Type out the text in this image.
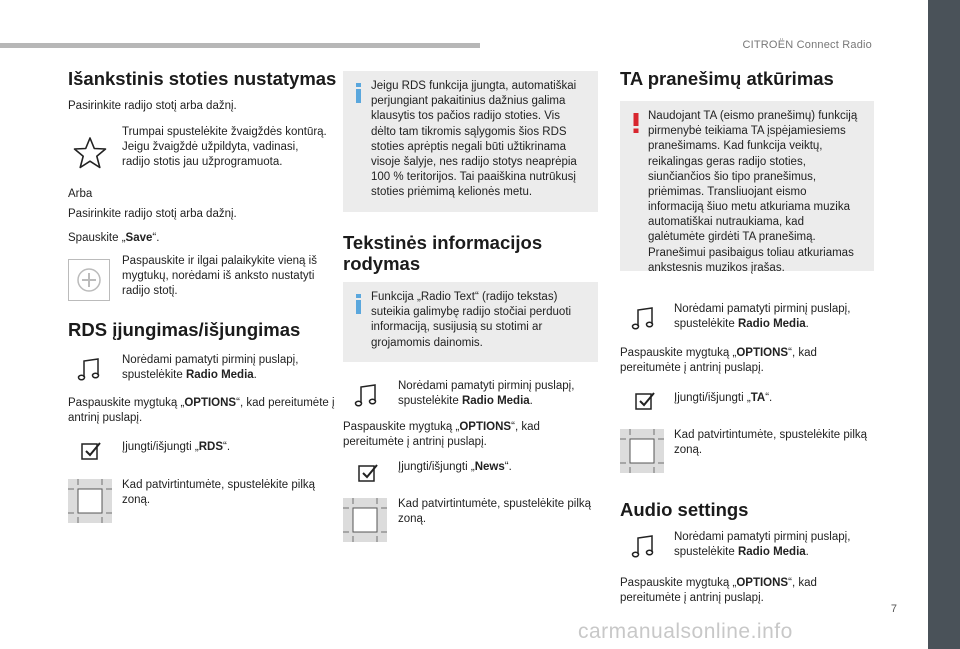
CITROËN Connect Radio
7
carmanualsonline.info
Išankstinis stoties nustatymas

Pasirinkite radijo stotį arba dažnį.

Trumpai spustelėkite žvaigždės kontūrą. Jeigu žvaigždė užpildyta, vadinasi, radijo stotis jau užprogramuota.

Arba

Pasirinkite radijo stotį arba dažnį.

Spauskite „Save“.

Paspauskite ir ilgai palaikykite vieną iš mygtukų, norėdami iš anksto nustatyti radijo stotį.

RDS įjungimas/išjungimas

Norėdami pamatyti pirminį puslapį, spustelėkite Radio Media.

Paspauskite mygtuką „OPTIONS“, kad pereitumėte į antrinį puslapį.

Įjungti/išjungti „RDS“.

Kad patvirtintumėte, spustelėkite pilką zoną.

Jeigu RDS funkcija įjungta, automatiškai perjungiant pakaitinius dažnius galima klausytis tos pačios radijo stoties. Vis dėlto tam tikromis sąlygomis šios RDS stoties aprėptis negali būti užtikrinama visoje šalyje, nes radijo stotys neaprėpia 100 % teritorijos. Tai paaiškina nutrūkusį stoties priėmimą kelionės metu.

Tekstinės informacijos rodymas

Funkcija „Radio Text“ (radijo tekstas) suteikia galimybę radijo stočiai perduoti informaciją, susijusią su stotimi ar grojamomis dainomis.

Norėdami pamatyti pirminį puslapį, spustelėkite Radio Media.

Paspauskite mygtuką „OPTIONS“, kad pereitumėte į antrinį puslapį.

Įjungti/išjungti „News“.

Kad patvirtintumėte, spustelėkite pilką zoną.

TA pranešimų atkūrimas

Naudojant TA (eismo pranešimų) funkciją pirmenybė teikiama TA įspėjamiesiems pranešimams. Kad funkcija veiktų, reikalingas geras radijo stoties, siunčiančios šio tipo pranešimus, priėmimas. Transliuojant eismo informaciją šiuo metu atkuriama muzika automatiškai nutraukiama, kad galėtumėte girdėti TA pranešimą. Pranešimui pasibaigus toliau atkuriamas ankstesnis muzikos įrašas.

Norėdami pamatyti pirminį puslapį, spustelėkite Radio Media.

Paspauskite mygtuką „OPTIONS“, kad pereitumėte į antrinį puslapį.

Įjungti/išjungti „TA“.

Kad patvirtintumėte, spustelėkite pilką zoną.

Audio settings

Norėdami pamatyti pirminį puslapį, spustelėkite Radio Media.

Paspauskite mygtuką „OPTIONS“, kad pereitumėte į antrinį puslapį.
